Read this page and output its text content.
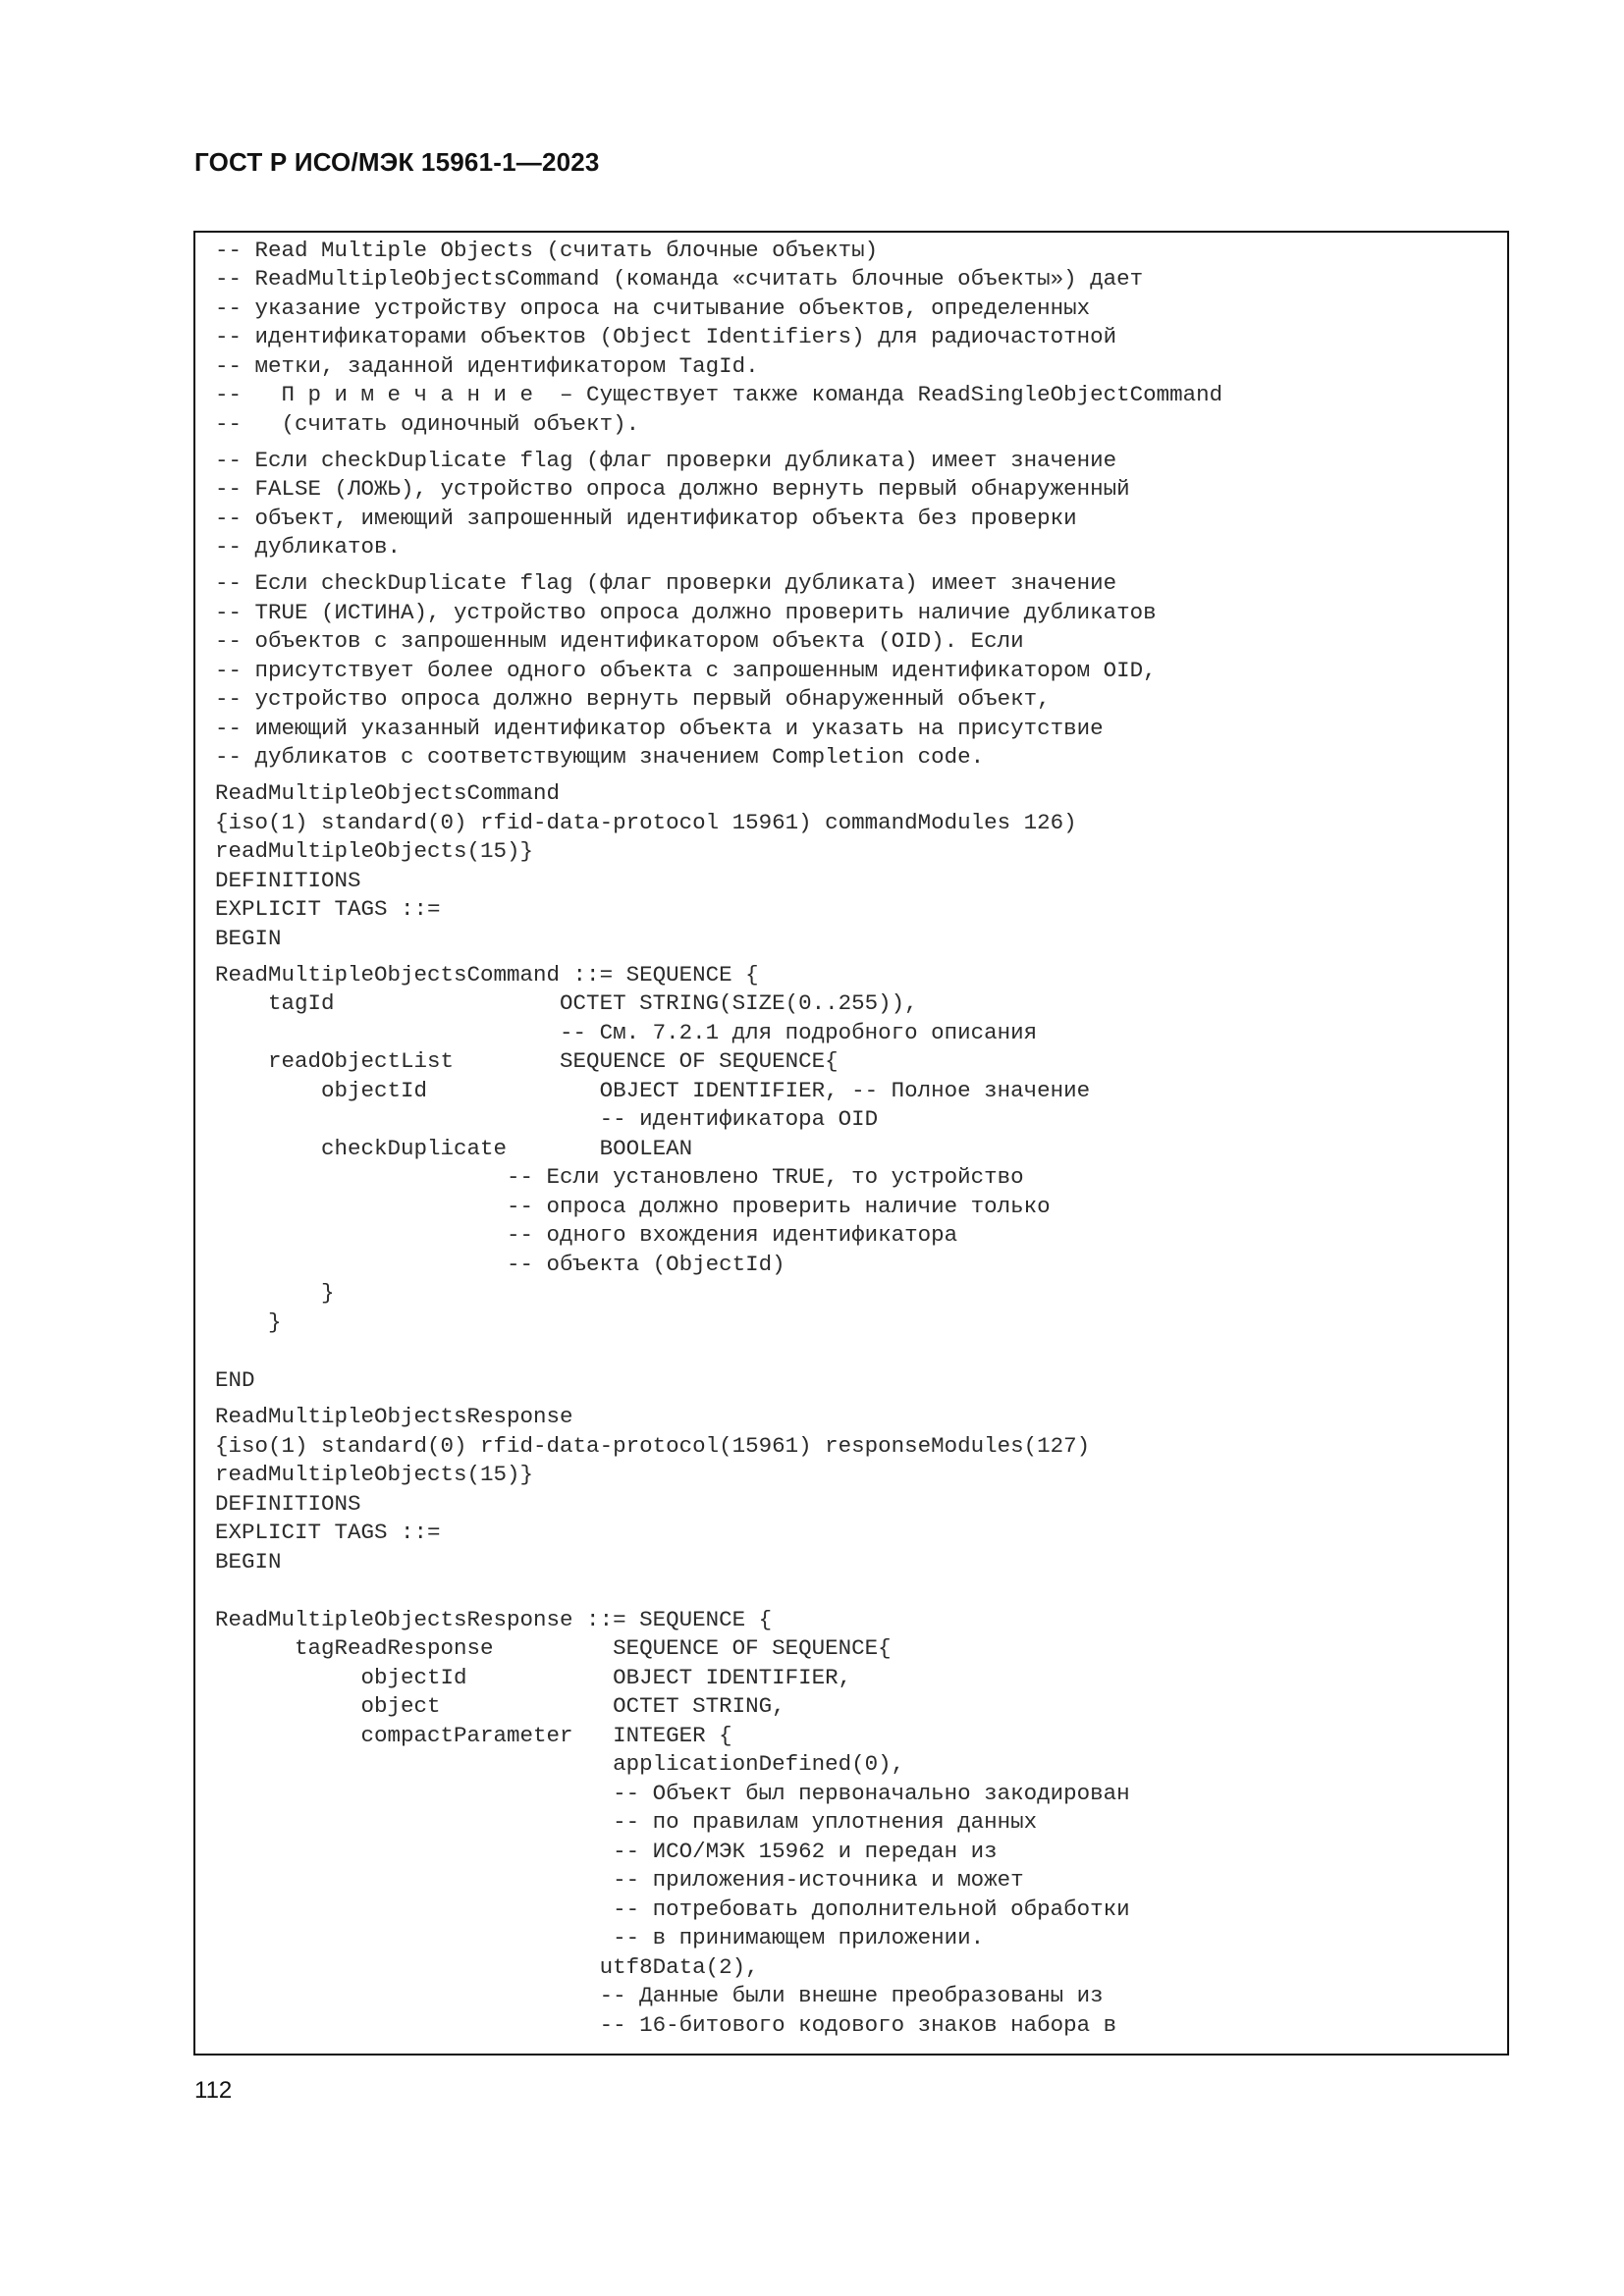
ГОСТ Р ИСО/МЭК 15961-1—2023
-- Read Multiple Objects (считать блочные объекты)
-- ReadMultipleObjectsCommand (команда «считать блочные объекты») дает
-- указание устройству опроса на считывание объектов, определенных
-- идентификаторами объектов (Object Identifiers) для радиочастотной
-- метки, заданной идентификатором TagId.
--   П р и м е ч а н и е  – Существует также команда ReadSingleObjectCommand
--   (считать одиночный объект).
-- Если checkDuplicate flag (флаг проверки дубликата) имеет значение
-- FALSE (ЛОЖЬ), устройство опроса должно вернуть первый обнаруженный
-- объект, имеющий запрошенный идентификатор объекта без проверки
-- дубликатов.
-- Если checkDuplicate flag (флаг проверки дубликата) имеет значение
-- TRUE (ИСТИНА), устройство опроса должно проверить наличие дубликатов
-- объектов с запрошенным идентификатором объекта (OID). Если
-- присутствует более одного объекта с запрошенным идентификатором OID,
-- устройство опроса должно вернуть первый обнаруженный объект,
-- имеющий указанный идентификатор объекта и указать на присутствие
-- дубликатов с соответствующим значением Completion code.
ReadMultipleObjectsCommand
{iso(1) standard(0) rfid-data-protocol 15961) commandModules 126)
readMultipleObjects(15)}
DEFINITIONS
EXPLICIT TAGS ::=
BEGIN
ReadMultipleObjectsCommand ::= SEQUENCE {
tagId                 OCTET STRING(SIZE(0..255)),
-- См. 7.2.1 для подробного описания
readObjectList        SEQUENCE OF SEQUENCE{
objectId             OBJECT IDENTIFIER, -- Полное значение
-- идентификатора OID
checkDuplicate       BOOLEAN
-- Если установлено TRUE, то устройство
-- опроса должно проверить наличие только
-- одного вхождения идентификатора
-- объекта (ObjectId)
}
}
END
ReadMultipleObjectsResponse
{iso(1) standard(0) rfid-data-protocol(15961) responseModules(127)
readMultipleObjects(15)}
DEFINITIONS
EXPLICIT TAGS ::=
BEGIN
ReadMultipleObjectsResponse ::= SEQUENCE {
tagReadResponse         SEQUENCE OF SEQUENCE{
objectId           OBJECT IDENTIFIER,
object             OCTET STRING,
compactParameter   INTEGER {
applicationDefined(0),
-- Объект был первоначально закодирован
-- по правилам уплотнения данных
-- ИСО/МЭК 15962 и передан из
-- приложения-источника и может
-- потребовать дополнительной обработки
-- в принимающем приложении.
utf8Data(2),
-- Данные были внешне преобразованы из
-- 16-битового кодового знаков набора в
112
